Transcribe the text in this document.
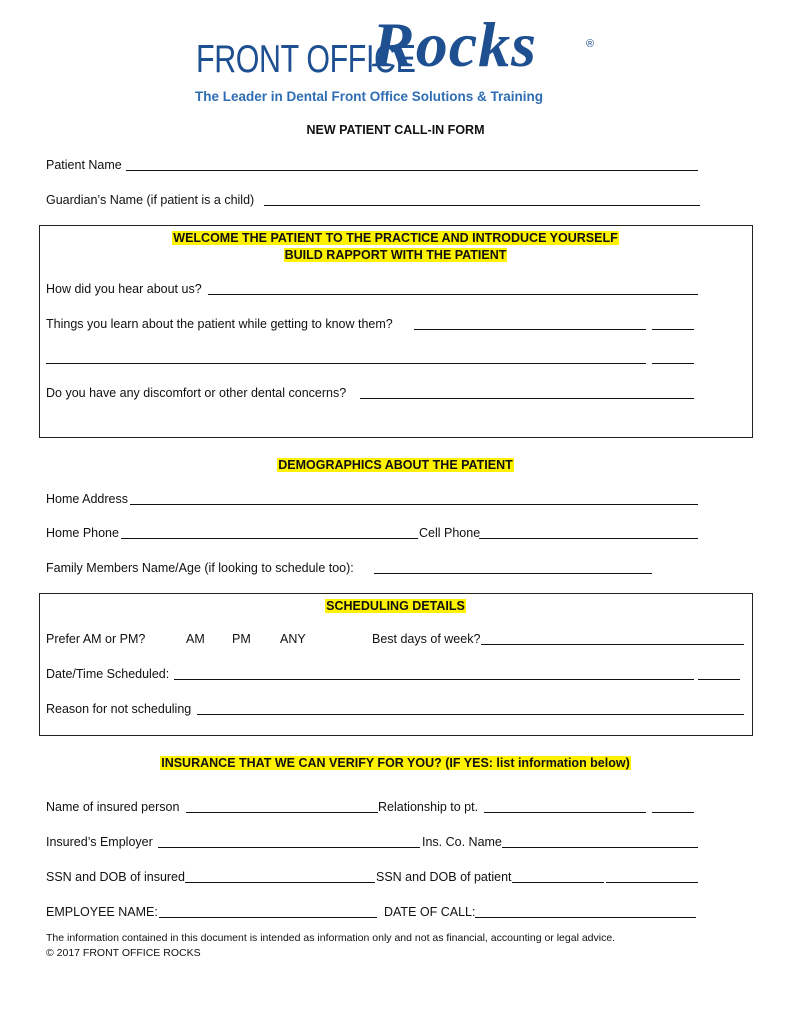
FRONT OFFICE
Rocks	®
The Leader in Dental Front Office Solutions & Training
NEW PATIENT CALL-IN FORM
Patient Name
Guardian’s Name (if patient is a child)
WELCOME THE PATIENT TO THE PRACTICE AND INTRODUCE YOURSELF
BUILD RAPPORT WITH THE PATIENT
How did you hear about us?
Things you learn about the patient while getting to know them?
Do you have any discomfort or other dental concerns?
DEMOGRAPHICS ABOUT THE PATIENT
Home Address
Home Phone	Cell Phone
Family Members Name/Age (if looking to schedule too):
SCHEDULING DETAILS
Prefer AM or PM?	AM PM ANY	Best days of week?
Date/Time Scheduled:
Reason for not scheduling
INSURANCE THAT WE CAN VERIFY FOR YOU? (IF YES: list information below)
Name of insured person	Relationship to pt.
Insured’s Employer	Ins. Co. Name
SSN and DOB of insured	SSN and DOB of patient
EMPLOYEE NAME:	DATE OF CALL:
The information contained in this document is intended as information only and not as financial, accounting or legal advice.
© 2017 FRONT OFFICE ROCKS
